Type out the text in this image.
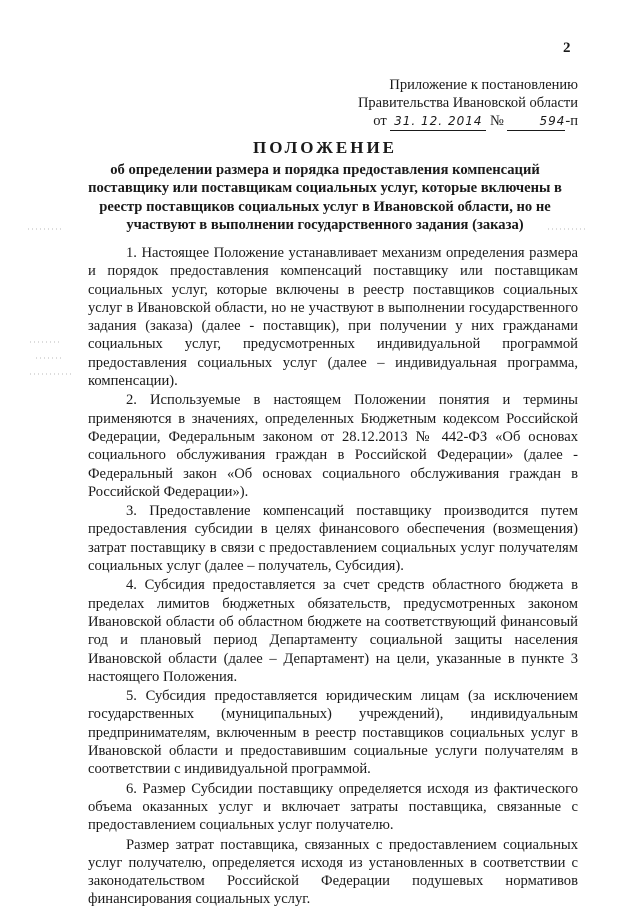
2
Приложение к постановлению
Правительства Ивановской области
от 31. 12. 2014 №	594-п
ПОЛОЖЕНИЕ
об определении размера и порядка предоставления компенсаций поставщику или поставщикам социальных услуг, которые включены в реестр поставщиков социальных услуг в Ивановской области, но не участвуют в выполнении государственного задания (заказа)

1. Настоящее Положение устанавливает механизм определения размера и порядок предоставления компенсаций поставщику или поставщикам социальных услуг, которые включены в реестр поставщиков социальных услуг в Ивановской области, но не участвуют в выполнении государственного задания (заказа) (далее - поставщик), при получении у них гражданами социальных услуг, предусмотренных индивидуальной программой предоставления социальных услуг (далее – индивидуальная программа, компенсации).

2. Используемые в настоящем Положении понятия и термины применяются в значениях, определенных Бюджетным кодексом Российской Федерации, Федеральным законом от 28.12.2013 № 442-ФЗ «Об основах социального обслуживания граждан в Российской Федерации» (далее - Федеральный закон «Об основах социального обслуживания граждан в Российской Федерации»).

3. Предоставление компенсаций поставщику производится путем предоставления субсидии в целях финансового обеспечения (возмещения) затрат поставщику в связи с предоставлением социальных услуг получателям социальных услуг (далее – получатель, Субсидия).

4. Субсидия предоставляется за счет средств областного бюджета в пределах лимитов бюджетных обязательств, предусмотренных законом Ивановской области об областном бюджете на соответствующий финансовый год и плановый период Департаменту социальной защиты населения Ивановской области (далее – Департамент) на цели, указанные в пункте 3 настоящего Положения.

5. Субсидия предоставляется юридическим лицам (за исключением государственных (муниципальных) учреждений), индивидуальным предпринимателям, включенным в реестр поставщиков социальных услуг в Ивановской области и предоставившим социальные услуги получателям в соответствии с индивидуальной программой.

6. Размер Субсидии поставщику определяется исходя из фактического объема оказанных услуг и включает затраты поставщика, связанные с предоставлением социальных услуг получателю.

Размер затрат поставщика, связанных с предоставлением социальных услуг получателю, определяется исходя из установленных в соответствии с законодательством Российской Федерации подушевых нормативов финансирования социальных услуг.
